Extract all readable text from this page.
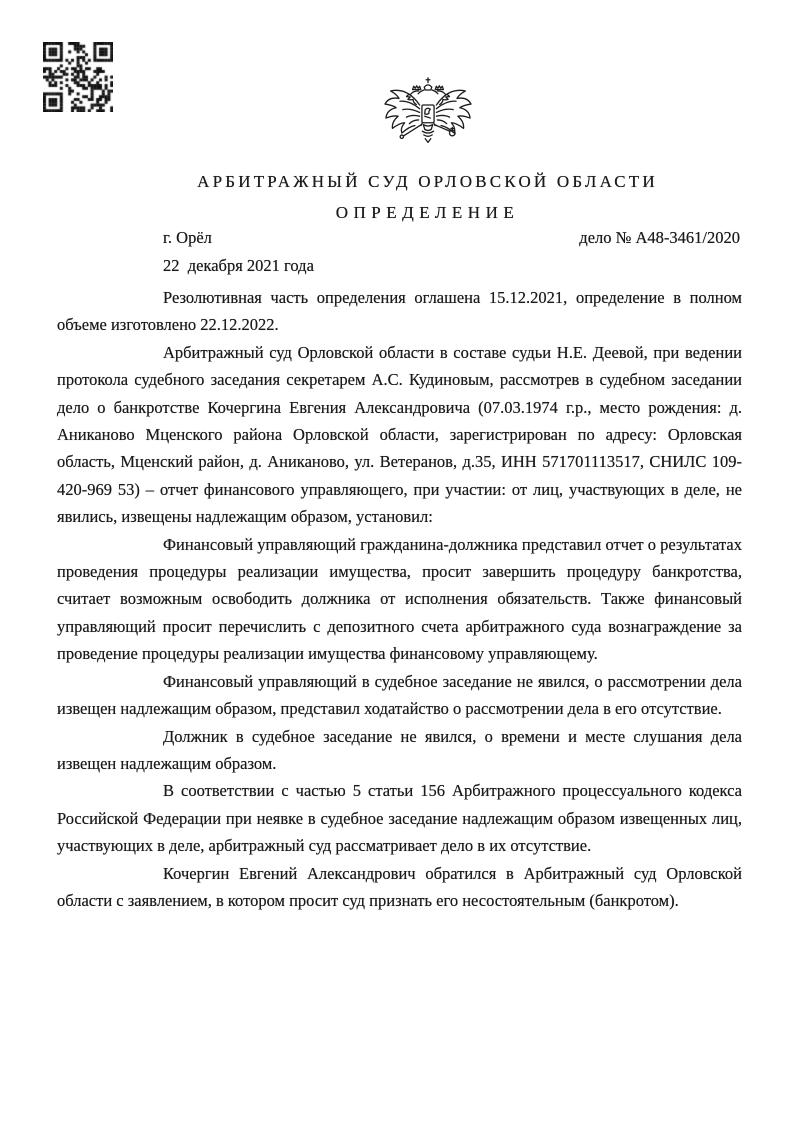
АРБИТРАЖНЫЙ СУД ОРЛОВСКОЙ ОБЛАСТИ
ОПРЕДЕЛЕНИЕ
г. Орёл	дело № А48-3461/2020
22  декабря 2021 года

Резолютивная часть определения оглашена 15.12.2021, определение в полном объеме изготовлено 22.12.2022.

Арбитражный суд Орловской области в составе судьи Н.Е. Деевой, при ведении протокола судебного заседания секретарем А.С. Кудиновым, рассмотрев в судебном заседании дело о банкротстве Кочергина Евгения Александровича (07.03.1974 г.р., место рождения: д. Аниканово Мценского района Орловской области, зарегистрирован по адресу: Орловская область, Мценский район, д. Аниканово, ул. Ветеранов, д.35, ИНН 571701113517, СНИЛС 109-420-969 53) – отчет финансового управляющего, при участии: от лиц, участвующих в деле, не явились, извещены надлежащим образом, установил:

Финансовый управляющий гражданина-должника представил отчет о результатах проведения процедуры реализации имущества, просит завершить процедуру банкротства, считает возможным освободить должника от исполнения обязательств. Также финансовый управляющий просит перечислить с депозитного счета арбитражного суда вознаграждение за проведение процедуры реализации имущества финансовому управляющему.

Финансовый управляющий в судебное заседание не явился, о рассмотрении дела извещен надлежащим образом, представил ходатайство о рассмотрении дела в его отсутствие.

Должник в судебное заседание не явился, о времени и месте слушания дела извещен надлежащим образом.

В соответствии с частью 5 статьи 156 Арбитражного процессуального кодекса Российской Федерации при неявке в судебное заседание надлежащим образом извещенных лиц, участвующих в деле, арбитражный суд рассматривает дело в их отсутствие.

Кочергин Евгений Александрович обратился в Арбитражный суд Орловской области с заявлением, в котором просит суд признать его несостоятельным (банкротом).
